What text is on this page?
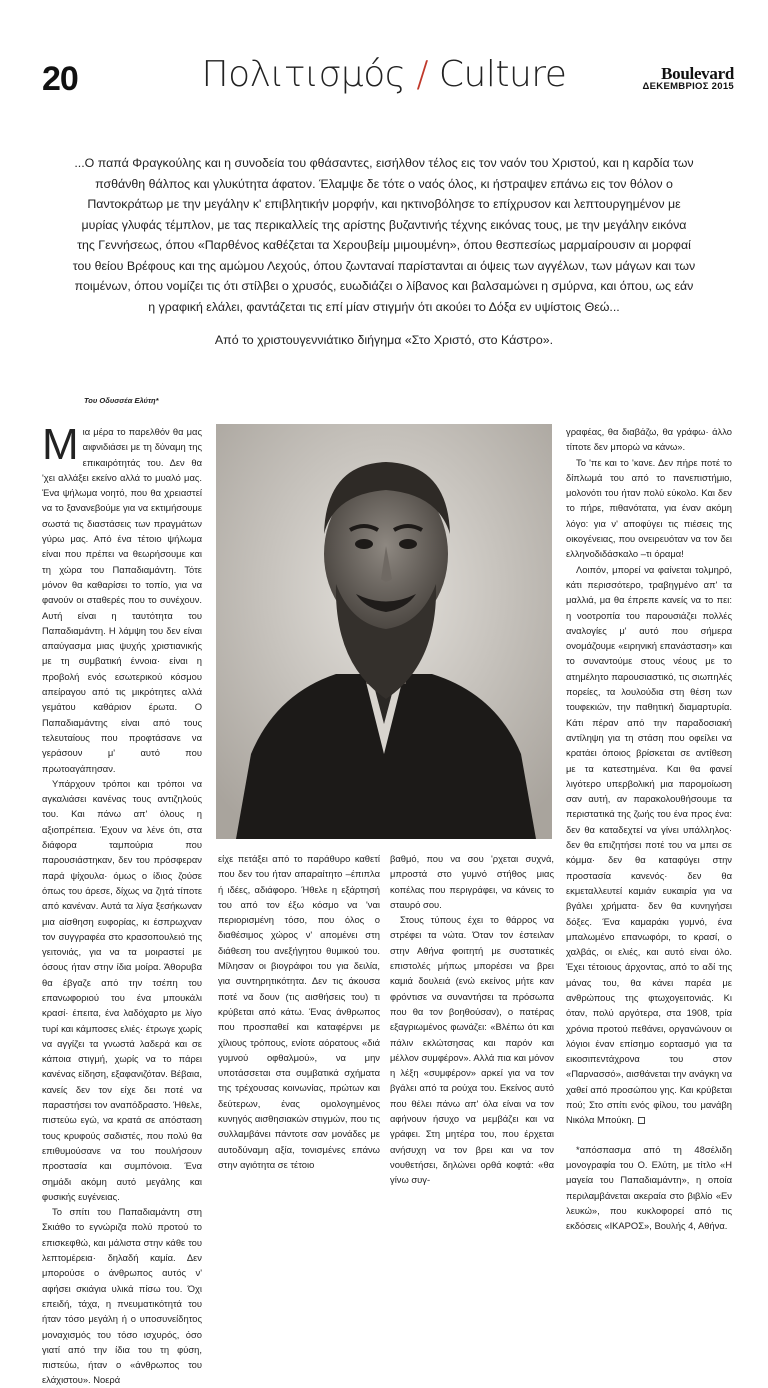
20	Πολιτισμός / Culture	Boulevard
ΔΕΚΕΜΒΡΙΟΣ 2015
...Ο παπά Φραγκούλης και η συνοδεία του φθάσαντες, εισήλθον τέλος εις τον ναόν του Χριστού, και η καρδία των πσθάνθη θάλπος και γλυκύτητα άφατον. Έλαμψε δε τότε ο ναός όλος, κι ήστραψεν επάνω εις τον θόλον ο Παντοκράτωρ με την μεγάλην κ' επιβλητικήν μορφήν, και ηκτινοβόλησε το επίχρυσον και λεπτουργημένον με μυρίας γλυφάς τέμπλον, με τας περικαλλείς της αρίστης βυζαντινής τέχνης εικόνας τους, με την μεγάλην εικόνα της Γεννήσεως, όπου «Παρθένος καθέζεται τα Χερουβείμ μιμουμένη», όπου θεσπεσίως μαρμαίρουσιν αι μορφαί του θείου Βρέφους και της αμώμου Λεχούς, όπου ζωνταναί παρίστανται αι όψεις των αγγέλων, των μάγων και των ποιμένων, όπου νομίζει τις ότι στίλβει ο χρυσός, ευωδιάζει ο λίβανος και βαλσαμώνει η σμύρνα, και όπου, ως εάν η γραφική ελάλει, φαντάζεται τις επί μίαν στιγμήν ότι ακούει το Δόξα εν υψίστοις Θεώ...
Από το χριστουγεννιάτικο διήγημα «Στο Χριστό, στο Κάστρο».
Του Οδυσσέα Ελύτη*

Μια μέρα το παρελθόν θα μας αιφνιδιάσει με τη δύναμη της επικαιρότητάς του. Δεν θα 'χει αλλάξει εκείνο αλλά το μυαλό μας. Ένα ψήλωμα νοητό, που θα χρειαστεί να το ξανανεβούμε για να εκτιμήσουμε σωστά τις διαστάσεις των πραγμάτων γύρω μας. Από ένα τέτοιο ψήλωμα είναι που πρέπει να θεωρήσουμε και τη χώρα του Παπαδιαμάντη. Τότε μόνον θα καθαρίσει το τοπίο, για να φανούν οι σταθερές που το συνέχουν. Αυτή είναι η ταυτότητα του Παπαδιαμάντη. Η λάμψη του δεν είναι απαύγασμα μιας ψυχής χριστιανικής με τη συμβατική έννοια· είναι η προβολή ενός εσωτερικού κόσμου απείραγου από τις μικρότητες αλλά γεμάτου καθάριον έρωτα. Ο Παπαδιαμάντης είναι από τους τελευταίους που προφτάσανε να γεράσουν μ' αυτό που πρωτοαγάπησαν.

Υπάρχουν τρόποι και τρόποι να αγκαλιάσει κανένας τους αντιζηλούς του. Και πάνω απ' όλους η αξιοπρέπεια. Έχουν να λένε ότι, στα διάφορα ταμπούρια που παρουσιάστηκαν, δεν του πρόσφεραν παρά ψίχουλα· όμως ο ίδιος ζούσε όπως του άρεσε, δίχως να ζητά τίποτε από κανέναν. Αυτά τα λίγα ξεσήκωναν μια αίσθηση ευφορίας, κι έσπρωχναν τον συγγραφέα στο κρασοπουλειό της γειτονιάς, για να τα μοιραστεί με όσους ήταν στην ίδια μοίρα. Άθορυβα θα έβγαζε από την τσέπη του επανωφοριού του ένα μπουκάλι κρασί· έπειτα, ένα λαδόχαρτο με λίγο τυρί και κάμποσες ελιές· έτρωγε χωρίς να αγγίζει τα γνωστά λαδερά και σε κάποια στιγμή, χωρίς να το πάρει κανένας είδηση, εξαφανιζόταν. Βέβαια, κανείς δεν τον είχε δει ποτέ να παραστήσει τον αναπόδραστο. Ήθελε, πιστεύω εγώ, να κρατά σε απόσταση τους κρυφούς σαδιστές, που πολύ θα επιθυμούσανε να του πουλήσουν προστασία και συμπόνοια. Ένα σημάδι ακόμη αυτό μεγάλης και φυσικής ευγένειας.

Το σπίτι του Παπαδιαμάντη στη Σκιάθο το εγνώριζα πολύ προτού το επισκεφθώ, και μάλιστα στην κάθε του λεπτομέρεια· δηλαδή καμία. Δεν μπορούσε ο άνθρωπος αυτός ν' αφήσει σκιάγια υλικά πίσω του. Όχι επειδή, τάχα, η πνευματικότητά του ήταν τόσο μεγάλη ή ο υποσυνείδητος μοναχισμός του τόσο ισχυρός, όσο γιατί από την ίδια του τη φύση, πιστεύω, ήταν ο «άνθρωπος του ελάχιστου». Νοερά

είχε πετάξει από το παράθυρο καθετί που δεν του ήταν απαραίτητο –έπιπλα ή ιδέες, αδιάφορο. Ήθελε η εξάρτησή του από τον έξω κόσμο να 'ναι περιορισμένη τόσο, που όλος ο διαθέσιμος χώρος ν' απομένει στη διάθεση του ανεξήγητου θυμικού του. Μίλησαν οι βιογράφοι του για δειλία, για συντηρητικότητα. Δεν τις άκουσα ποτέ να δουν (τις αισθήσεις του) τι κρύβεται από κάτω. Ένας άνθρωπος που προσπαθεί και καταφέρνει με χίλιους τρόπους, ενίοτε αόρατους «διά γυμνού οφθαλμού», να μην υποτάσσεται στα συμβατικά σχήματα της τρέχουσας κοινωνίας, πρώτων και δεύτερων, ένας ομολογημένος κυνηγός αισθησιακών στιγμών, που τις συλλαμβάνει πάντοτε σαν μονάδες με αυτοδύναμη αξία, τονισμένες επάνω στην αγιότητα σε τέτοιο

βαθμό, που να σου 'ρχεται συχνά, μπροστά στο γυμνό στήθος μιας κοπέλας που περιγράφει, να κάνεις το σταυρό σου.

Στους τύπους έχει το θάρρος να στρέφει τα νώτα. Όταν τον έστειλαν στην Αθήνα φοιτητή με συστατικές επιστολές μήπως μπορέσει να βρει καμιά δουλειά (ενώ εκείνος μήτε καν φρόντισε να συναντήσει τα πρόσωπα που θα τον βοηθούσαν), ο πατέρας εξαγριωμένος φωνάζει: «Βλέπω ότι και πάλιν εκλώτσησας και παρόν και μέλλον συμφέρον». Αλλά πια και μόνον η λέξη «συμφέρον» αρκεί για να τον βγάλει από τα ρούχα του. Εκείνος αυτό που θέλει πάνω απ' όλα είναι να τον αφήνουν ήσυχο να μεμβάζει και να γράφει. Στη μητέρα του, που έρχεται ανήσυχη να τον βρει και να τον νουθετήσει, δηλώνει ορθά κοφτά: «θα γίνω συγ-

γραφέας, θα διαβάζω, θα γράφω· άλλο τίποτε δεν μπορώ να κάνω».

Το 'πε και το 'κανε. Δεν πήρε ποτέ το δίπλωμά του από το πανεπιστήμιο, μολονότι του ήταν πολύ εύκολο. Και δεν το πήρε, πιθανότατα, για έναν ακόμη λόγο: για ν' αποφύγει τις πιέσεις της οικογένειας, που ονειρευόταν να τον δει ελληνοδιδάσκαλο –τι όραμα!

Λοιπόν, μπορεί να φαίνεται τολμηρό, κάτι περισσότερο, τραβηγμένο απ' τα μαλλιά, μα θα έπρεπε κανείς να το πει: η νοοτροπία του παρουσιάζει πολλές αναλογίες μ' αυτό που σήμερα ονομάζουμε «ειρηνική επανάσταση» και το συναντούμε στους νέους με το ατημέλητο παρουσιαστικό, τις σιωπηλές πορείες, τα λουλούδια στη θέση των τουφεκιών, την παθητική διαμαρτυρία. Κάτι πέραν από την παραδοσιακή αντίληψη για τη στάση που οφείλει να κρατάει όποιος βρίσκεται σε αντίθεση με τα κατεστημένα. Και θα φανεί λιγότερο υπερβολική μια παρομοίωση σαν αυτή, αν παρακολουθήσουμε τα περιστατικά της ζωής του ένα προς ένα: δεν θα καταδεχτεί να γίνει υπάλληλος· δεν θα επιζητήσει ποτέ του να μπει σε κόμμα· δεν θα καταφύγει στην προστασία κανενός· δεν θα εκμεταλλευτεί καμιάν ευκαιρία για να βγάλει χρήματα· δεν θα κυνηγήσει δόξες. Ένα καμαράκι γυμνό, ένα μπαλωμένο επανωφόρι, το κρασί, ο χαλβάς, οι ελιές, και αυτό είναι όλο. Έχει τέτοιους άρχοντας, από το αδί της μάνας του, θα κάνει παρέα με ανθρώπους της φτωχογειτονιάς. Κι όταν, πολύ αργότερα, στα 1908, τρία χρόνια προτού πεθάνει, οργανώνουν οι λόγιοι έναν επίσημο εορτασμό για τα εικοσιπεντάχρονα του στον «Παρνασσό», αισθάνεται την ανάγκη να χαθεί από προσώπου γης. Και κρύβεται πού; Στο σπίτι ενός φίλου, του μανάβη Νικόλα Μπούκη.

*απόσπασμα από τη 48σέλιδη μονογραφία του Ο. Ελύτη, με τίτλο «Η μαγεία του Παπαδιαμάντη», η οποία περιλαμβάνεται ακεραία στο βιβλίο «Εν λευκώ», που κυκλοφορεί από τις εκδόσεις «ΙΚΑΡΟΣ», Βουλής 4, Αθήνα.
